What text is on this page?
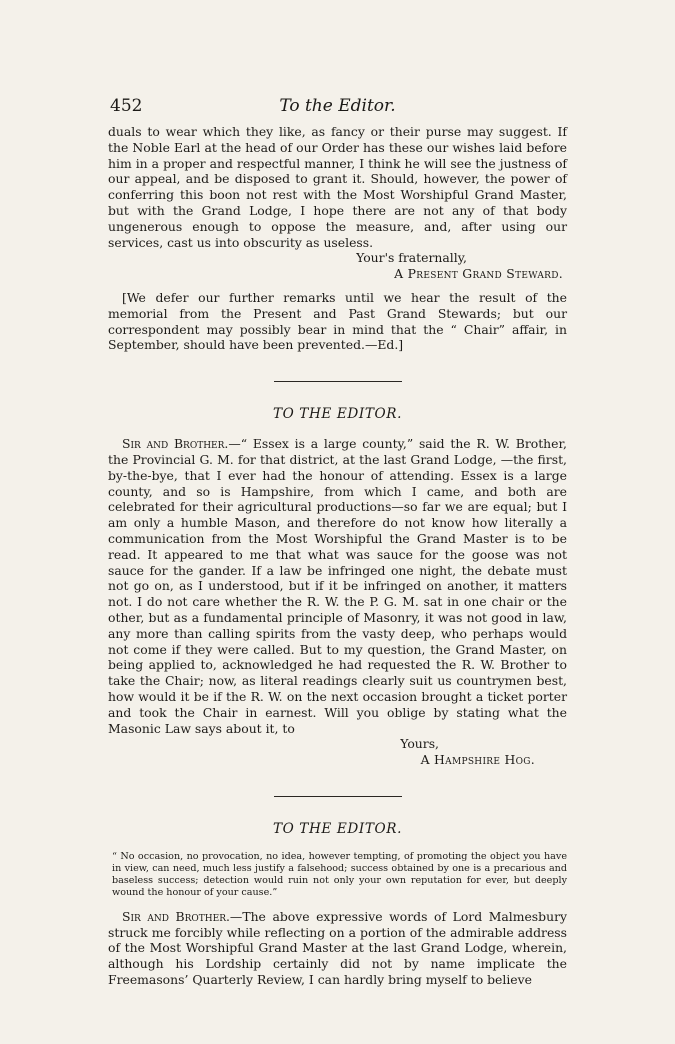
452	To the Editor.

duals to wear which they like, as fancy or their purse may suggest. If the Noble Earl at the head of our Order has these our wishes laid before him in a proper and respectful manner, I think he will see the justness of our appeal, and be disposed to grant it. Should, however, the power of conferring this boon not rest with the Most Worshipful Grand Master, but with the Grand Lodge, I hope there are not any of that body ungenerous enough to oppose the measure, and, after using our services, cast us into obscurity as useless.

Your's fraternally,
A Present Grand Steward.

[We defer our further remarks until we hear the result of the memorial from the Present and Past Grand Stewards; but our correspondent may possibly bear in mind that the “ Chair” affair, in September, should have been prevented.—Ed.]

TO THE EDITOR.

Sir and Brother.—“ Essex is a large county,” said the R. W. Brother, the Provincial G. M. for that district, at the last Grand Lodge, —the first, by-the-bye, that I ever had the honour of attending. Essex is a large county, and so is Hampshire, from which I came, and both are celebrated for their agricultural productions—so far we are equal; but I am only a humble Mason, and therefore do not know how literally a communication from the Most Worshipful the Grand Master is to be read. It appeared to me that what was sauce for the goose was not sauce for the gander. If a law be infringed one night, the debate must not go on, as I understood, but if it be infringed on another, it matters not. I do not care whether the R. W. the P. G. M. sat in one chair or the other, but as a fundamental principle of Masonry, it was not good in law, any more than calling spirits from the vasty deep, who perhaps would not come if they were called. But to my question, the Grand Master, on being applied to, acknowledged he had requested the R. W. Brother to take the Chair; now, as literal readings clearly suit us countrymen best, how would it be if the R. W. on the next occasion brought a ticket porter and took the Chair in earnest. Will you oblige by stating what the Masonic Law says about it, to

Yours,
A Hampshire Hog.
TO THE EDITOR.
“ No occasion, no provocation, no idea, however tempting, of promoting the object you have in view, can need, much less justify a falsehood; success obtained by one is a precarious and baseless success; detection would ruin not only your own reputation for ever, but deeply wound the honour of your cause.”

Sir and Brother.—The above expressive words of Lord Malmesbury struck me forcibly while reflecting on a portion of the admirable address of the Most Worshipful Grand Master at the last Grand Lodge, wherein, although his Lordship certainly did not by name implicate the Freemasons’ Quarterly Review, I can hardly bring myself to believe
